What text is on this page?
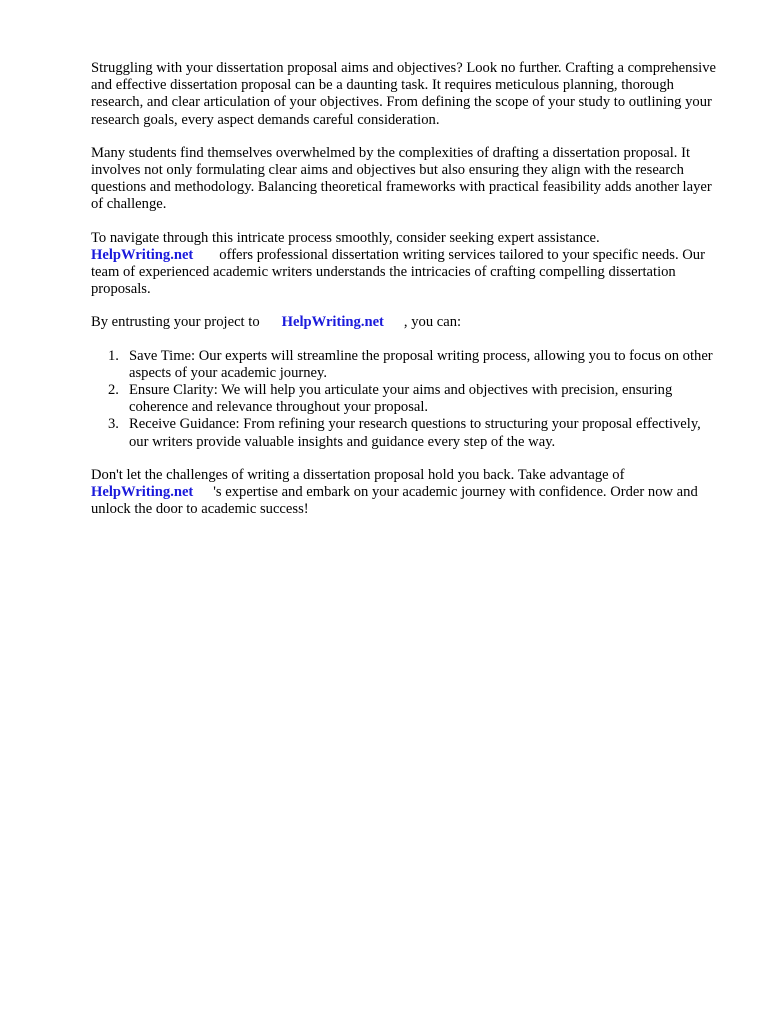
Struggling with your dissertation proposal aims and objectives? Look no further. Crafting a comprehensive and effective dissertation proposal can be a daunting task. It requires meticulous planning, thorough research, and clear articulation of your objectives. From defining the scope of your study to outlining your research goals, every aspect demands careful consideration.

Many students find themselves overwhelmed by the complexities of drafting a dissertation proposal. It involves not only formulating clear aims and objectives but also ensuring they align with the research questions and methodology. Balancing theoretical frameworks with practical feasibility adds another layer of challenge.

To navigate through this intricate process smoothly, consider seeking expert assistance.
HelpWriting.net offers professional dissertation writing services tailored to your specific needs. Our team of experienced academic writers understands the intricacies of crafting compelling dissertation proposals.

By entrusting your project to HelpWriting.net , you can:

1. Save Time: Our experts will streamline the proposal writing process, allowing you to focus on other aspects of your academic journey.
2. Ensure Clarity: We will help you articulate your aims and objectives with precision, ensuring coherence and relevance throughout your proposal.
3. Receive Guidance: From refining your research questions to structuring your proposal effectively, our writers provide valuable insights and guidance every step of the way.

Don't let the challenges of writing a dissertation proposal hold you back. Take advantage of
HelpWriting.net 's expertise and embark on your academic journey with confidence. Order now and unlock the door to academic success!
